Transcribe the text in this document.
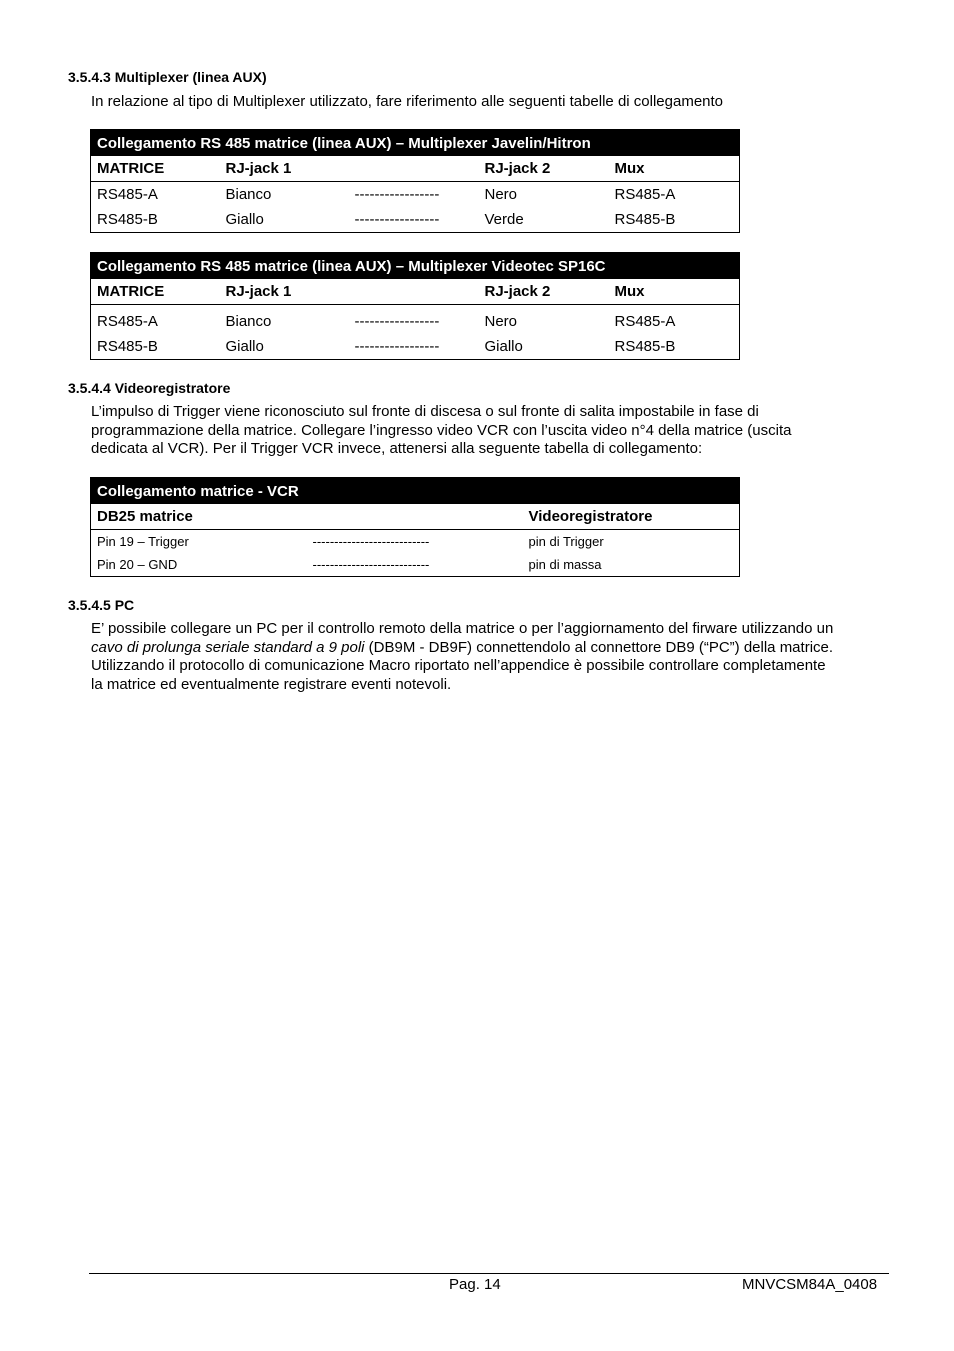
3.5.4.3 Multiplexer (linea AUX)
In relazione al tipo di Multiplexer utilizzato, fare riferimento alle seguenti tabelle di collegamento
Collegamento RS 485 matrice (linea AUX) – Multiplexer Javelin/Hitron				
MATRICE	RJ-jack 1		RJ-jack 2	Mux
RS485-A	Bianco	-----------------	Nero	RS485-A
RS485-B	Giallo	-----------------	Verde	RS485-B
Collegamento RS 485 matrice (linea AUX) – Multiplexer Videotec SP16C				
MATRICE	RJ-jack 1		RJ-jack 2	Mux

RS485-A	Bianco	-----------------	Nero	RS485-A
RS485-B	Giallo	-----------------	Giallo	RS485-B
3.5.4.4 Videoregistratore
L’impulso di Trigger viene riconosciuto sul fronte di discesa o sul fronte di salita impostabile in fase di
programmazione della matrice. Collegare l’ingresso video VCR con l’uscita video n°4 della matrice (uscita
dedicata al VCR). Per il Trigger VCR invece, attenersi alla seguente tabella di collegamento:
Collegamento matrice - VCR		
DB25 matrice		Videoregistratore
Pin 19 – Trigger	---------------------------	pin di Trigger
Pin 20 – GND	---------------------------	pin di massa
3.5.4.5 PC
E’ possibile collegare un PC per il controllo remoto della matrice o per l’aggiornamento del firware utilizzando un
cavo di prolunga seriale standard a 9 poli (DB9M - DB9F) connettendolo al connettore DB9 (“PC”) della matrice.
Utilizzando il protocollo di comunicazione Macro riportato nell’appendice è possibile controllare completamente
la matrice ed eventualmente registrare eventi notevoli.
Pag. 14	MNVCSM84A_0408
